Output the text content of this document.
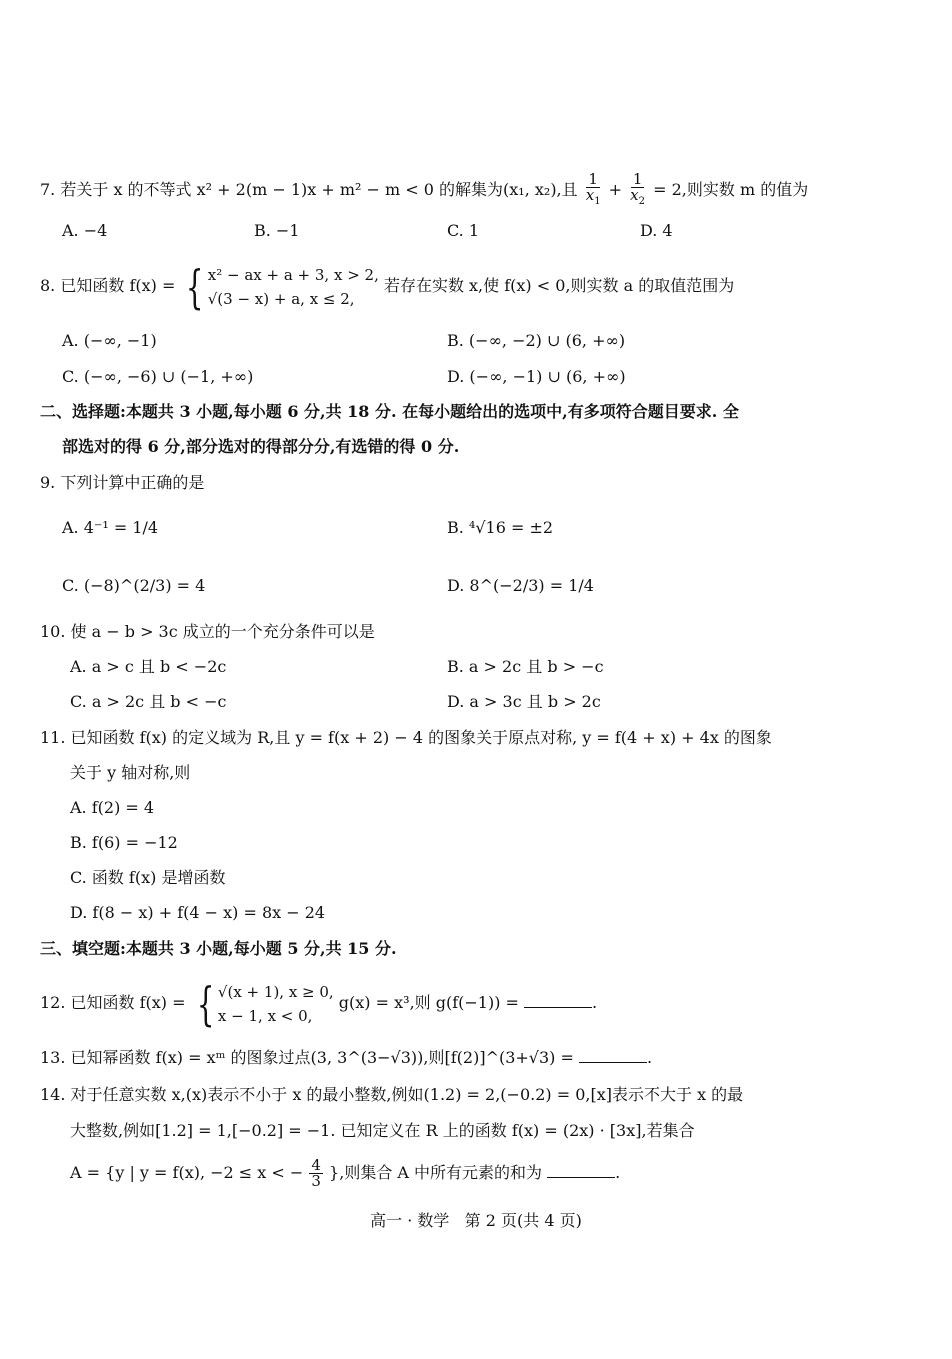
7. 若关于 x 的不等式 x² + 2(m − 1)x + m² − m < 0 的解集为(x₁, x₂),且 $\frac{1}{x_1} + \frac{1}{x_2} = 2$,则实数 m 的值为
A. −4	B. −1	C. 1	D. 4
8. 已知函数 f(x) = { x² − ax + a + 3, x > 2,
√(3 − x) + a, x ≤ 2,
若存在实数 x,使 f(x) < 0,则实数 a 的取值范围为
A. (−∞, −1)	B. (−∞, −2) ∪ (6, +∞)
C. (−∞, −6) ∪ (−1, +∞)	D. (−∞, −1) ∪ (6, +∞)
二、选择题:本题共 3 小题,每小题 6 分,共 18 分. 在每小题给出的选项中,有多项符合题目要求. 全
部选对的得 6 分,部分选对的得部分分,有选错的得 0 分.
9. 下列计算中正确的是
A. 4⁻¹ = 1/4	B. ⁴√16 = ±2
C. (−8)^(2/3) = 4	D. 8^(−2/3) = 1/4
10. 使 a − b > 3c 成立的一个充分条件可以是
A. a > c 且 b < −2c	B. a > 2c 且 b > −c
C. a > 2c 且 b < −c	D. a > 3c 且 b > 2c
11. 已知函数 f(x) 的定义域为 R,且 y = f(x + 2) − 4 的图象关于原点对称, y = f(4 + x) + 4x 的图象
关于 y 轴对称,则
A. f(2) = 4
B. f(6) = −12
C. 函数 f(x) 是增函数
D. f(8 − x) + f(4 − x) = 8x − 24
三、填空题:本题共 3 小题,每小题 5 分,共 15 分.
12. 已知函数 f(x) = { √(x + 1), x ≥ 0,
x − 1, x < 0,
g(x) = x³,则 g(f(−1)) =	.
13. 已知幂函数 f(x) = xᵐ 的图象过点(3, 3^(3−√3)),则[f(2)]^(3+√3) =	.
14. 对于任意实数 x,(x)表示不小于 x 的最小整数,例如(1.2) = 2,(−0.2) = 0,[x]表示不大于 x 的最
大整数,例如[1.2] = 1,[−0.2] = −1. 已知定义在 R 上的函数 f(x) = (2x) · [3x],若集合
A = {y | y = f(x), −2 ≤ x < − $\frac{4}{3}$ },则集合 A 中所有元素的和为	.
高一 · 数学   第 2 页(共 4 页)
